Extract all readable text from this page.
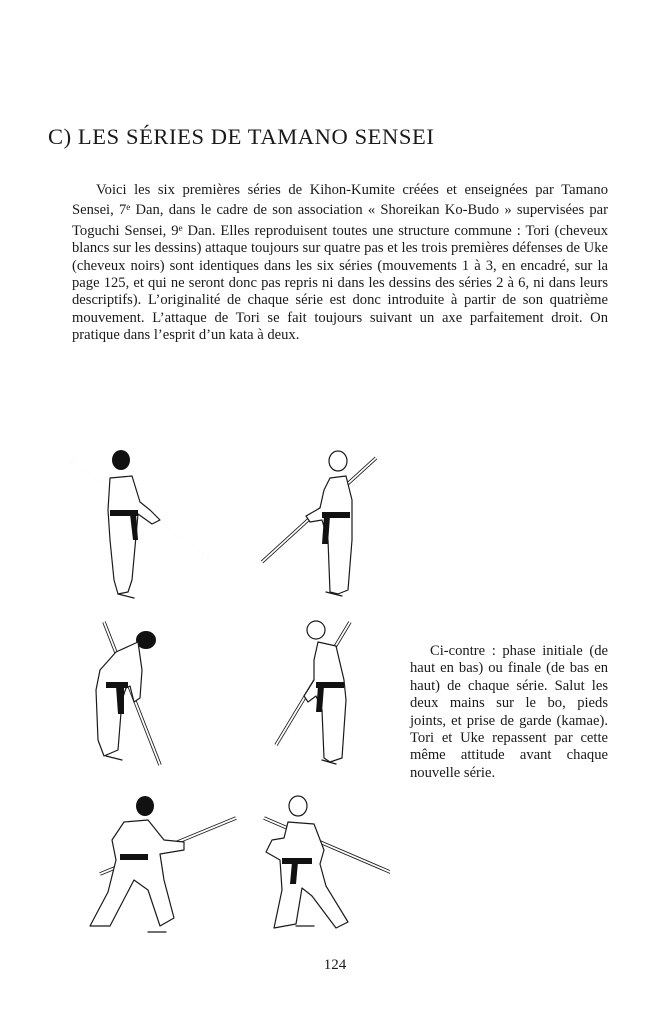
C) LES SÉRIES DE TAMANO SENSEI

Voici les six premières séries de Kihon-Kumite créées et enseignées par Tamano Sensei, 7e Dan, dans le cadre de son association « Shoreikan Ko-Budo » supervisées par Toguchi Sensei, 9e Dan. Elles reproduisent toutes une structure commune : Tori (cheveux blancs sur les dessins) attaque toujours sur quatre pas et les trois premières défenses de Uke (cheveux noirs) sont identiques dans les six séries (mouvements 1 à 3, en encadré, sur la page 125, et qui ne seront donc pas repris ni dans les dessins des séries 2 à 6, ni dans leurs descriptifs). L’originalité de chaque série est donc introduite à partir de son quatrième mouvement. L’attaque de Tori se fait toujours suivant un axe parfaitement droit. On pratique dans l’esprit d’un kata à deux.

Ci-contre : phase initiale (de haut en bas) ou finale (de bas en haut) de chaque série. Salut les deux mains sur le bo, pieds joints, et prise de garde (kamae). Tori et Uke repassent par cette même attitude avant chaque nouvelle série.

124
